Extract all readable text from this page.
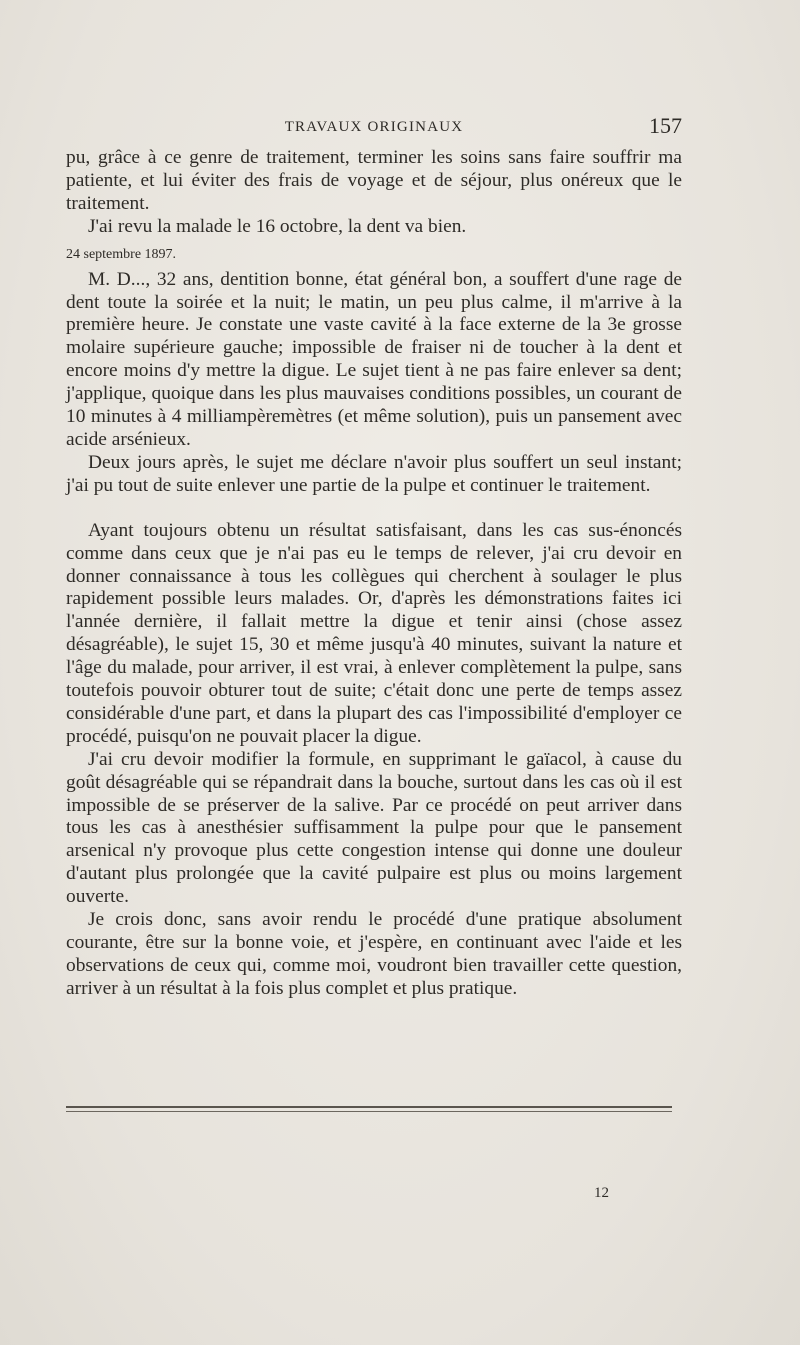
TRAVAUX ORIGINAUX	157

pu, grâce à ce genre de traitement, terminer les soins sans faire souffrir ma patiente, et lui éviter des frais de voyage et de séjour, plus onéreux que le traitement.

J'ai revu la malade le 16 octobre, la dent va bien.

24 septembre 1897.

M. D..., 32 ans, dentition bonne, état général bon, a souffert d'une rage de dent toute la soirée et la nuit; le matin, un peu plus calme, il m'arrive à la première heure. Je constate une vaste cavité à la face externe de la 3e grosse molaire supérieure gauche; impossible de fraiser ni de toucher à la dent et encore moins d'y mettre la digue. Le sujet tient à ne pas faire enlever sa dent; j'applique, quoique dans les plus mauvaises conditions possibles, un courant de 10 minutes à 4 milliampèremètres (et même solution), puis un pansement avec acide arsénieux.

Deux jours après, le sujet me déclare n'avoir plus souffert un seul instant; j'ai pu tout de suite enlever une partie de la pulpe et continuer le traitement.

Ayant toujours obtenu un résultat satisfaisant, dans les cas sus-énoncés comme dans ceux que je n'ai pas eu le temps de relever, j'ai cru devoir en donner connaissance à tous les collègues qui cherchent à soulager le plus rapidement possible leurs malades. Or, d'après les démonstrations faites ici l'année dernière, il fallait mettre la digue et tenir ainsi (chose assez désagréable), le sujet 15, 30 et même jusqu'à 40 minutes, suivant la nature et l'âge du malade, pour arriver, il est vrai, à enlever complètement la pulpe, sans toutefois pouvoir obturer tout de suite; c'était donc une perte de temps assez considérable d'une part, et dans la plupart des cas l'impossibilité d'employer ce procédé, puisqu'on ne pouvait placer la digue.

J'ai cru devoir modifier la formule, en supprimant le gaïacol, à cause du goût désagréable qui se répandrait dans la bouche, surtout dans les cas où il est impossible de se préserver de la salive. Par ce procédé on peut arriver dans tous les cas à anesthésier suffisamment la pulpe pour que le pansement arsenical n'y provoque plus cette congestion intense qui donne une douleur d'autant plus prolongée que la cavité pulpaire est plus ou moins largement ouverte.

Je crois donc, sans avoir rendu le procédé d'une pratique absolument courante, être sur la bonne voie, et j'espère, en continuant avec l'aide et les observations de ceux qui, comme moi, voudront bien travailler cette question, arriver à un résultat à la fois plus complet et plus pratique.

12
